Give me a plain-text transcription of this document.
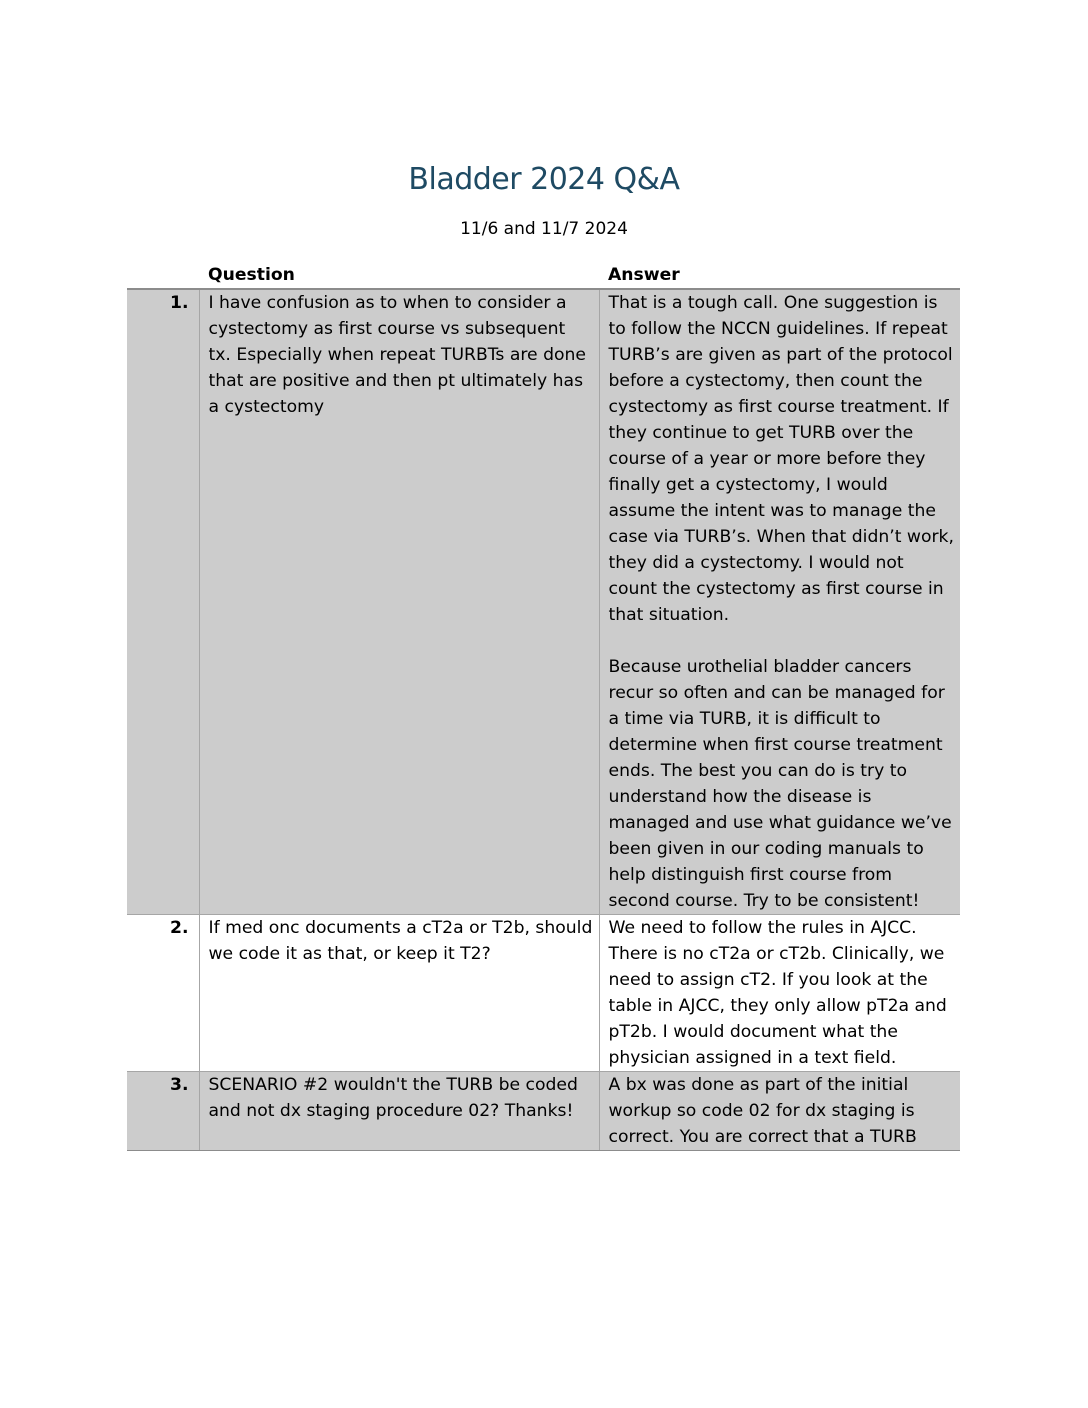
Bladder 2024 Q&A
11/6 and 11/7 2024
	Question	Answer
1.	I have confusion as to when to consider a cystectomy as first course vs subsequent tx. Especially when repeat TURBTs are done that are positive and then pt ultimately has a cystectomy	That is a tough call. One suggestion is to follow the NCCN guidelines. If repeat TURB’s are given as part of the protocol before a cystectomy, then count the cystectomy as first course treatment. If they continue to get TURB over the course of a year or more before they finally get a cystectomy, I would assume the intent was to manage the case via TURB’s. When that didn’t work, they did a cystectomy. I would not count the cystectomy as first course in that situation.
Because urothelial bladder cancers recur so often and can be managed for a time via TURB, it is difficult to determine when first course treatment ends. The best you can do is try to understand how the disease is managed and use what guidance we’ve been given in our coding manuals to help distinguish first course from second course. Try to be consistent!

2.	If med onc documents a cT2a or T2b, should we code it as that, or keep it T2?	We need to follow the rules in AJCC. There is no cT2a or cT2b. Clinically, we need to assign cT2. If you look at the table in AJCC, they only allow pT2a and pT2b. I would document what the physician assigned in a text field.

3.	SCENARIO #2 wouldn't the TURB be coded and not dx staging procedure 02? Thanks!	A bx was done as part of the initial workup so code 02 for dx staging is correct. You are correct that a TURB
